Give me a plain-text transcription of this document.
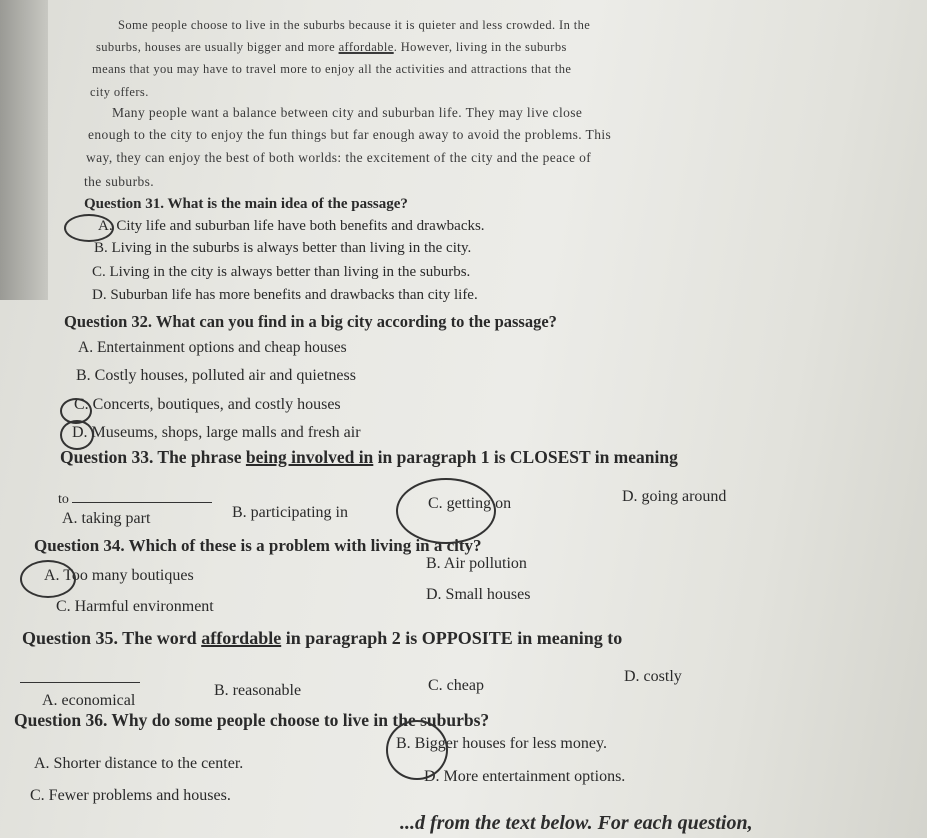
Some people choose to live in the suburbs because it is quieter and less crowded. In the
suburbs, houses are usually bigger and more affordable. However, living in the suburbs
means that you may have to travel more to enjoy all the activities and attractions that the
city offers.
Many people want a balance between city and suburban life. They may live close
enough to the city to enjoy the fun things but far enough away to avoid the problems. This
way, they can enjoy the best of both worlds: the excitement of the city and the peace of
the suburbs.
Question 31. What is the main idea of the passage?
A. City life and suburban life have both benefits and drawbacks.
B. Living in the suburbs is always better than living in the city.
C. Living in the city is always better than living in the suburbs.
D. Suburban life has more benefits and drawbacks than city life.
Question 32. What can you find in a big city according to the passage?
A. Entertainment options and cheap houses
B. Costly houses, polluted air and quietness
C. Concerts, boutiques, and costly houses
D. Museums, shops, large malls and fresh air
Question 33. The phrase being involved in in paragraph 1 is CLOSEST in meaning
to
A. taking part	B. participating in
C. getting on	D. going around
Question 34. Which of these is a problem with living in a city?
A. Too many boutiques
B. Air pollution
D. Small houses
C. Harmful environment
Question 35. The word affordable in paragraph 2 is OPPOSITE in meaning to
A. economical
B. reasonable	C. cheap
D. costly
Question 36. Why do some people choose to live in the suburbs?
A. Shorter distance to the center.
B. Bigger houses for less money.
C. Fewer problems and houses.
D. More entertainment options.
...d from the text below. For each question,
